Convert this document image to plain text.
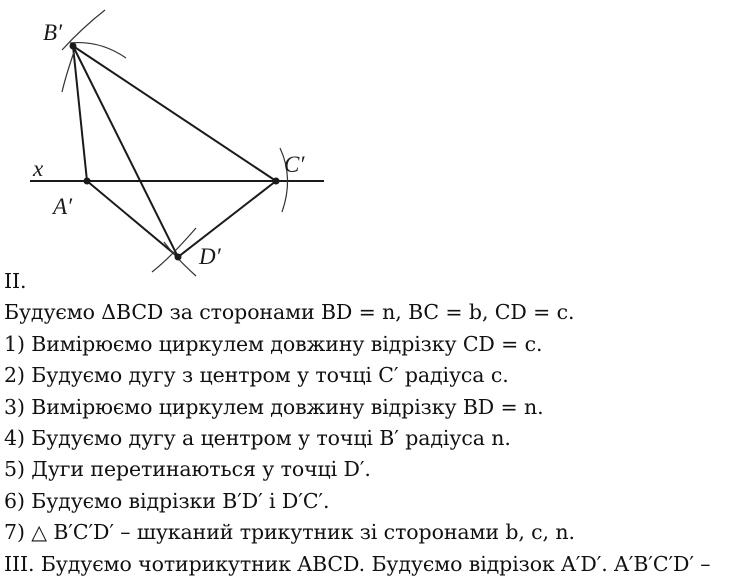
B′
x	C′
A′
D′
II.
Будуємо ΔBCD за сторонами BD = n, BC = b, CD = c.
1) Вимірюємо циркулем довжину відрізку CD = c.
2) Будуємо дугу з центром у точці C′ радіуса c.
3) Вимірюємо циркулем довжину відрізку BD = n.
4) Будуємо дугу а центром у точці B′ радіуса n.
5) Дуги перетинаються у точці D′.
6) Будуємо відрізки B′D′ і D′C′.
7) △ B′C′D′ – шуканий трикутник зі сторонами b, c, n.
III. Будуємо чотирикутник ABCD. Будуємо відрізок A′D′. A′B′C′D′ –
